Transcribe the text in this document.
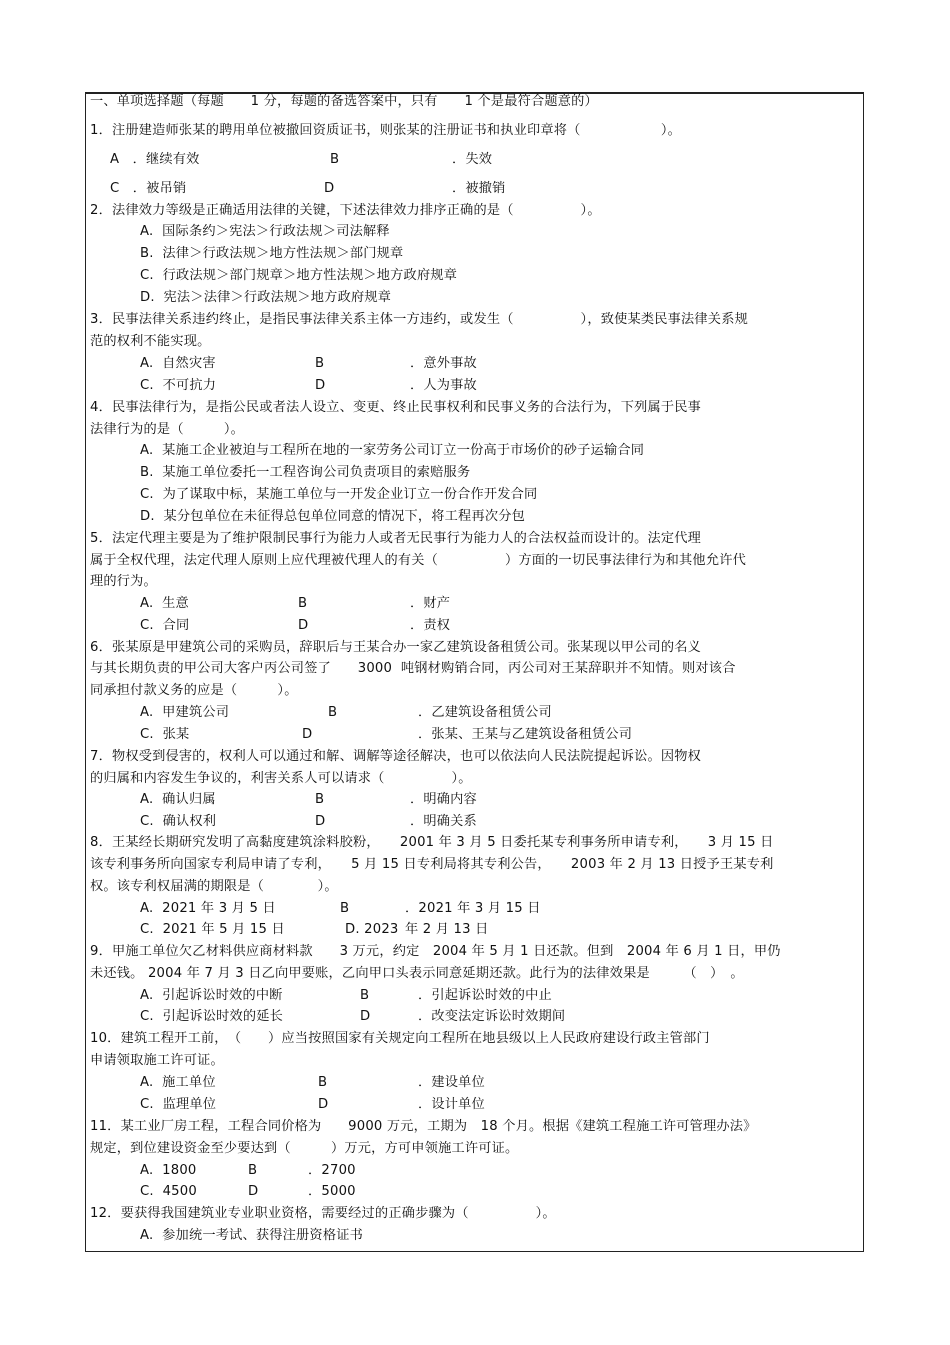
一、单项选择题（每题　　1 分，每题的备选答案中，只有　　1 个是最符合题意的）
1．注册建造师张某的聘用单位被撤回资质证书，则张某的注册证书和执业印章将（　　　　　　）。
A　．继续有效	B	．失效
C　．被吊销	D	．被撤销
2．法律效力等级是正确适用法律的关键，下述法律效力排序正确的是（　　　　　）。
A.  国际条约＞宪法＞行政法规＞司法解释
B.  法律＞行政法规＞地方性法规＞部门规章
C.  行政法规＞部门规章＞地方性法规＞地方政府规章
D.  宪法＞法律＞行政法规＞地方政府规章
3．民事法律关系违约终止，是指民事法律关系主体一方违约，或发生（　　　　　），致使某类民事法律关系规
范的权利不能实现。
A.  自然灾害	B	．意外事故
C.  不可抗力	D	．人为事故
4．民事法律行为，是指公民或者法人设立、变更、终止民事权利和民事义务的合法行为，下列属于民事
法律行为的是（　　　）。
A.  某施工企业被迫与工程所在地的一家劳务公司订立一份高于市场价的砂子运输合同
B.  某施工单位委托一工程咨询公司负责项目的索赔服务
C.  为了谋取中标，某施工单位与一开发企业订立一份合作开发合同
D.  某分包单位在未征得总包单位同意的情况下，将工程再次分包
5．法定代理主要是为了维护限制民事行为能力人或者无民事行为能力人的合法权益而设计的。法定代理
属于全权代理，法定代理人原则上应代理被代理人的有关（　　　　　）方面的一切民事法律行为和其他允许代
理的行为。
A.  生意	B	．财产
C.  合同	D	．责权
6．张某原是甲建筑公司的采购员，辞职后与王某合办一家乙建筑设备租赁公司。张某现以甲公司的名义
与其长期负责的甲公司大客户丙公司签了　　3000  吨钢材购销合同，丙公司对王某辞职并不知情。则对该合
同承担付款义务的应是（　　　）。
A.  甲建筑公司	B	．乙建筑设备租赁公司
C.  张某	D	．张某、王某与乙建筑设备租赁公司
7．物权受到侵害的，权利人可以通过和解、调解等途径解决，也可以依法向人民法院提起诉讼。因物权
的归属和内容发生争议的，利害关系人可以请求（　　　　　）。
A.  确认归属	B	．明确内容
C.  确认权利	D	．明确关系
8．王某经长期研究发明了高黏度建筑涂料胶粉，　　2001 年 3 月 5 日委托某专利事务所申请专利，　　3 月 15 日
该专利事务所向国家专利局申请了专利，　　5 月 15 日专利局将其专利公告，　　2003 年 2 月 13 日授予王某专利
权。该专利权届满的期限是（　　　　）。
A.  2021 年 3 月 5 日	B	．2021 年 3 月 15 日
C.  2021 年 5 月 15 日	D. 2023 年 2 月 13 日
9．甲施工单位欠乙材料供应商材料款　　3 万元，约定　2004 年 5 月 1 日还款。但到　2004 年 6 月 1 日，甲仍
未还钱。 2004 年 7 月 3 日乙向甲要账，乙向甲口头表示同意延期还款。此行为的法律效果是　　　（　）　。
A.  引起诉讼时效的中断	B	．引起诉讼时效的中止
C.  引起诉讼时效的延长	D	．改变法定诉讼时效期间
10．建筑工程开工前，　（　　）应当按照国家有关规定向工程所在地县级以上人民政府建设行政主管部门
申请领取施工许可证。
A.  施工单位	B	．建设单位
C.  监理单位	D	．设计单位
11．某工业厂房工程，工程合同价格为　　9000 万元，工期为　18 个月。根据《建筑工程施工许可管理办法》
规定，到位建设资金至少要达到（　　　）万元，方可申领施工许可证。
A.  1800	B	．2700
C.  4500	D	．5000
12．要获得我国建筑业专业职业资格，需要经过的正确步骤为（　　　　　）。
A.  参加统一考试、获得注册资格证书
